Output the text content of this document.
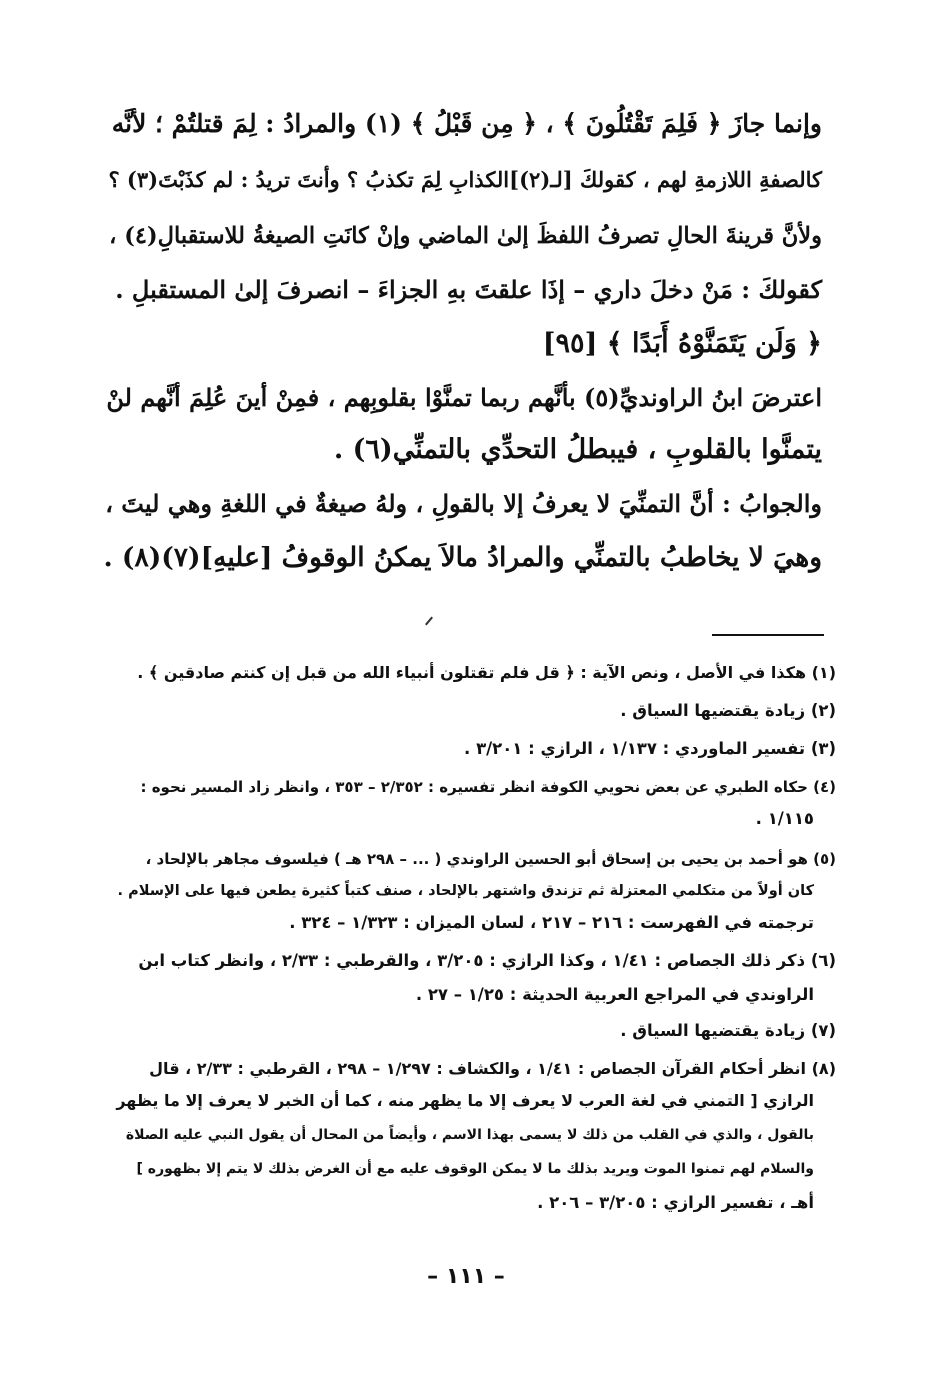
وإنما جازَ ﴿ فَلِمَ تَقْتُلُونَ ﴾ ، ﴿ مِن قَبْلُ ﴾ (١) والمرادُ : لِمَ قتلتُمْ ؛ لأنَّه
كالصفةِ اللازمةِ لهم ، كقولكَ [لـ(٢)]الكذابِ لِمَ تكذبُ ؟ وأنتَ تريدُ : لم كذَبْتَ(٣) ؟
ولأنَّ قرينةَ الحالِ تصرفُ اللفظَ إلىٰ الماضي وإنْ كانَتِ الصيغةُ للاستقبالِ(٤) ،
كقولكَ : مَنْ دخلَ داري – إذَا علقتَ بهِ الجزاءَ – انصرفَ إلىٰ المستقبلِ .
﴿ وَلَن يَتَمَنَّوْهُ أَبَدًا ﴾ [٩٥]
اعترضَ ابنُ الراونديِّ(٥) بأنَّهم ربما تمنَّوْا بقلوبِهم ، فمِنْ أينَ عُلِمَ أنَّهم لنْ
يتمنَّوا بالقلوبِ ، فيبطلُ التحدِّي بالتمنِّي(٦) .
والجوابُ : أنَّ التمنِّيَ لا يعرفُ إلا بالقولِ ، ولهُ صيغةٌ في اللغةِ وهي ليتَ ،
وهيَ لا يخاطبُ بالتمنِّي والمرادُ مالاَ يمكنُ الوقوفُ [عليهِ](٧)(٨) .
(١) هكذا في الأصل ، ونص الآية : ﴿ قل فلم تقتلون أنبياء الله من قبل إن كنتم صادقين ﴾ .
(٢) زيادة يقتضيها السياق .
(٣) تفسير الماوردي : ١/١٣٧ ، الرازي : ٣/٢٠١ .
(٤) حكاه الطبري عن بعض نحويي الكوفة انظر تفسيره : ٢/٣٥٢ – ٣٥٣ ، وانظر زاد المسير نحوه :
١/١١٥ .
(٥) هو أحمد بن يحيى بن إسحاق أبو الحسين الراوندي ( ... – ٢٩٨ هـ ) فيلسوف مجاهر بالإلحاد ،
كان أولاً من متكلمي المعتزلة ثم تزندق واشتهر بالإلحاد ، صنف كتباً كثيرة يطعن فيها على الإسلام .
ترجمته في الفهرست : ٢١٦ – ٢١٧ ، لسان الميزان : ١/٣٢٣ – ٣٢٤ .
(٦) ذكر ذلك الجصاص : ١/٤١ ، وكذا الرازي : ٣/٢٠٥ ، والقرطبي : ٢/٣٣ ، وانظر كتاب ابن
الراوندي في المراجع العربية الحديثة : ١/٢٥ – ٢٧ .
(٧) زيادة يقتضيها السياق .
(٨) انظر أحكام القرآن الجصاص : ١/٤١ ، والكشاف : ١/٢٩٧ – ٢٩٨ ، القرطبي : ٢/٣٣ ، قال
الرازي [ التمني في لغة العرب لا يعرف إلا ما يظهر منه ، كما أن الخبر لا يعرف إلا ما يظهر
بالقول ، والذي في القلب من ذلك لا يسمى بهذا الاسم ، وأيضاً من المحال أن يقول النبي عليه الصلاة
والسلام لهم تمنوا الموت ويريد بذلك ما لا يمكن الوقوف عليه مع أن الغرض بذلك لا يتم إلا بظهوره ]
أهـ ، تفسير الرازي : ٣/٢٠٥ – ٢٠٦ .
– ١١١ –
